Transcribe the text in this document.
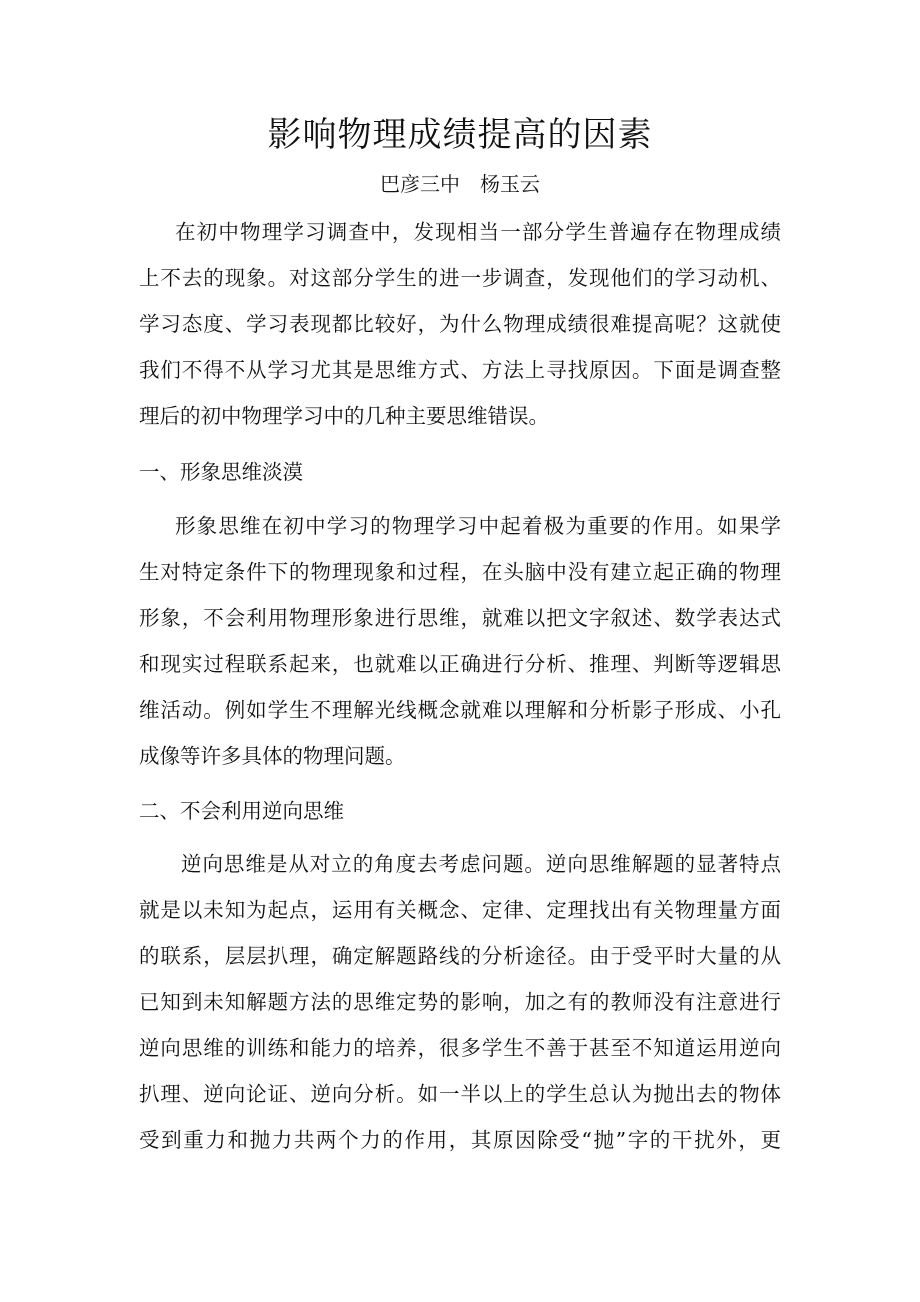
影响物理成绩提高的因素
巴彦三中　杨玉云
在初中物理学习调查中，发现相当一部分学生普遍存在物理成绩
上不去的现象。对这部分学生的进一步调查，发现他们的学习动机、
学习态度、学习表现都比较好，为什么物理成绩很难提高呢？这就使
我们不得不从学习尤其是思维方式、方法上寻找原因。下面是调查整
理后的初中物理学习中的几种主要思维错误。
一、形象思维淡漠
形象思维在初中学习的物理学习中起着极为重要的作用。如果学
生对特定条件下的物理现象和过程，在头脑中没有建立起正确的物理
形象，不会利用物理形象进行思维，就难以把文字叙述、数学表达式
和现实过程联系起来，也就难以正确进行分析、推理、判断等逻辑思
维活动。例如学生不理解光线概念就难以理解和分析影子形成、小孔
成像等许多具体的物理问题。
二、不会利用逆向思维
逆向思维是从对立的角度去考虑问题。逆向思维解题的显著特点
就是以未知为起点，运用有关概念、定律、定理找出有关物理量方面
的联系，层层扒理，确定解题路线的分析途径。由于受平时大量的从
已知到未知解题方法的思维定势的影响，加之有的教师没有注意进行
逆向思维的训练和能力的培养，很多学生不善于甚至不知道运用逆向
扒理、逆向论证、逆向分析。如一半以上的学生总认为抛出去的物体
受到重力和抛力共两个力的作用，其原因除受“抛”字的干扰外，更
